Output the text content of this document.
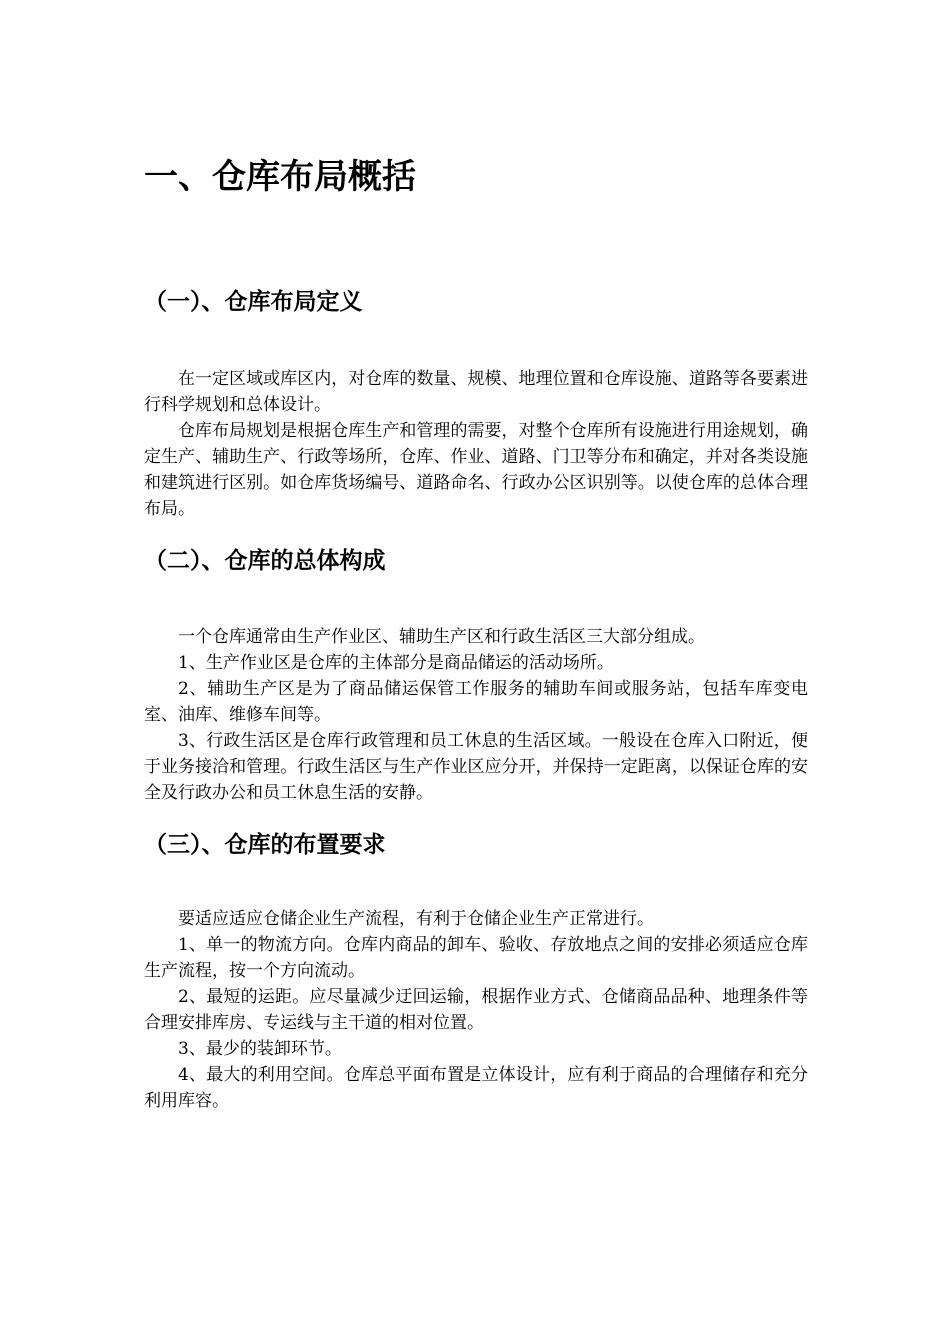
一、仓库布局概括
（一）、仓库布局定义

在一定区域或库区内，对仓库的数量、规模、地理位置和仓库设施、道路等各要素进行科学规划和总体设计。

仓库布局规划是根据仓库生产和管理的需要，对整个仓库所有设施进行用途规划，确定生产、辅助生产、行政等场所，仓库、作业、道路、门卫等分布和确定，并对各类设施和建筑进行区别。如仓库货场编号、道路命名、行政办公区识别等。以使仓库的总体合理布局。

（二）、仓库的总体构成

一个仓库通常由生产作业区、辅助生产区和行政生活区三大部分组成。

1、生产作业区是仓库的主体部分是商品储运的活动场所。

2、辅助生产区是为了商品储运保管工作服务的辅助车间或服务站，包括车库变电室、油库、维修车间等。

3、行政生活区是仓库行政管理和员工休息的生活区域。一般设在仓库入口附近，便于业务接洽和管理。行政生活区与生产作业区应分开，并保持一定距离，以保证仓库的安全及行政办公和员工休息生活的安静。

（三）、仓库的布置要求

要适应适应仓储企业生产流程，有利于仓储企业生产正常进行。

1、单一的物流方向。仓库内商品的卸车、验收、存放地点之间的安排必须适应仓库生产流程，按一个方向流动。

2、最短的运距。应尽量减少迂回运输，根据作业方式、仓储商品品种、地理条件等合理安排库房、专运线与主干道的相对位置。

3、最少的装卸环节。

4、最大的利用空间。仓库总平面布置是立体设计，应有利于商品的合理储存和充分利用库容。
